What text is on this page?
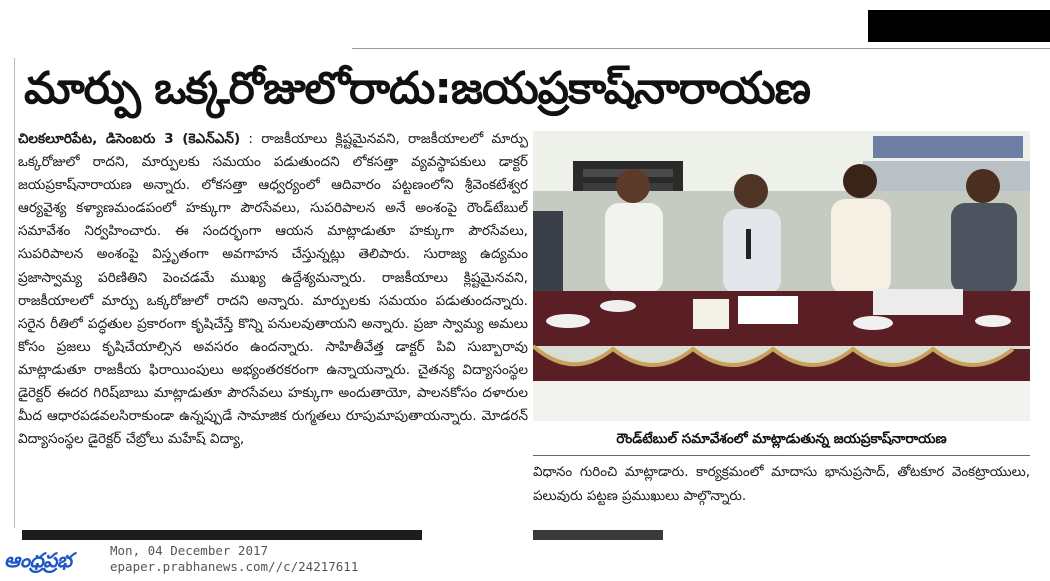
మార్పు ఒక్కరోజులోరాదు:జయప్రకాష్‌నారాయణ
చిలకలూరిపేట, డిసెంబరు 3 (కెఎన్‌ఎన్) : రాజకీయాలు క్లిష్టమైనవని, రాజకీయాలలో మార్పు ఒక్కరోజులో రాదని, మార్పులకు సమయం పడుతుందని లోకసత్తా వ్యవస్థాపకులు డాక్టర్ జయప్రకాష్‌నారాయణ అన్నారు. లోకసత్తా ఆధ్వర్యంలో ఆదివారం పట్టణంలోని శ్రీవెంకటేశ్వర ఆర్యవైశ్య కళ్యాణమండపంలో హక్కుగా పౌరసేవలు, సుపరిపాలన అనే అంశంపై రౌండ్‌టేబుల్ సమావేశం నిర్వహించారు. ఈ సందర్భంగా ఆయన మాట్లాడుతూ హక్కుగా పౌరసేవలు, సుపరిపాలన అంశంపై విస్తృతంగా అవగాహన చేస్తున్నట్లు తెలిపారు. సురాజ్య ఉద్యమం ప్రజాస్వామ్య పరిణితిని పెంచడమే ముఖ్య ఉద్దేశ్యమన్నారు. రాజకీయాలు క్లిష్టమైనవని, రాజకీయాలలో మార్పు ఒక్కరోజులో రాదని అన్నారు. మార్పులకు సమయం పడుతుందన్నారు. సరైన రీతిలో పద్ధతుల ప్రకారంగా కృషిచేస్తే కొన్ని పనులవుతాయని అన్నారు. ప్రజా స్వామ్య అమలు కోసం ప్రజలు కృషిచేయాల్సిన అవసరం ఉందన్నారు. సాహితీవేత్త డాక్టర్ పివి సుబ్బారావు మాట్లాడుతూ రాజకీయ ఫిరాయింపులు అభ్యంతరకరంగా ఉన్నాయన్నారు. చైతన్య విద్యాసంస్థల డైరెక్టర్ ఈదర గిరిష్‌బాబు మాట్లాడుతూ పౌరసేవలు హక్కుగా అందుతాయో, పాలనకోసం దళారుల మీద ఆధారపడవలసిరాకుండా ఉన్నప్పుడే సామాజిక రుగ్మతలు రూపుమాపుతాయన్నారు. మోడరన్ విద్యాసంస్థల డైరెక్టర్ చేబ్రోలు మహేష్ విద్యా,	రౌండ్‌టేబుల్ సమావేశంలో మాట్లాడుతున్న జయప్రకాష్‌నారాయణ
విధానం గురించి మాట్లాడారు. కార్యక్రమంలో మాదాసు భానుప్రసాద్, తోటకూర వెంకట్రాయులు, పలువురు పట్టణ ప్రముఖులు పాల్గొన్నారు.
ఆంధ్రప్రభ	Mon, 04 December 2017
epaper.prabhanews.com//c/24217611
